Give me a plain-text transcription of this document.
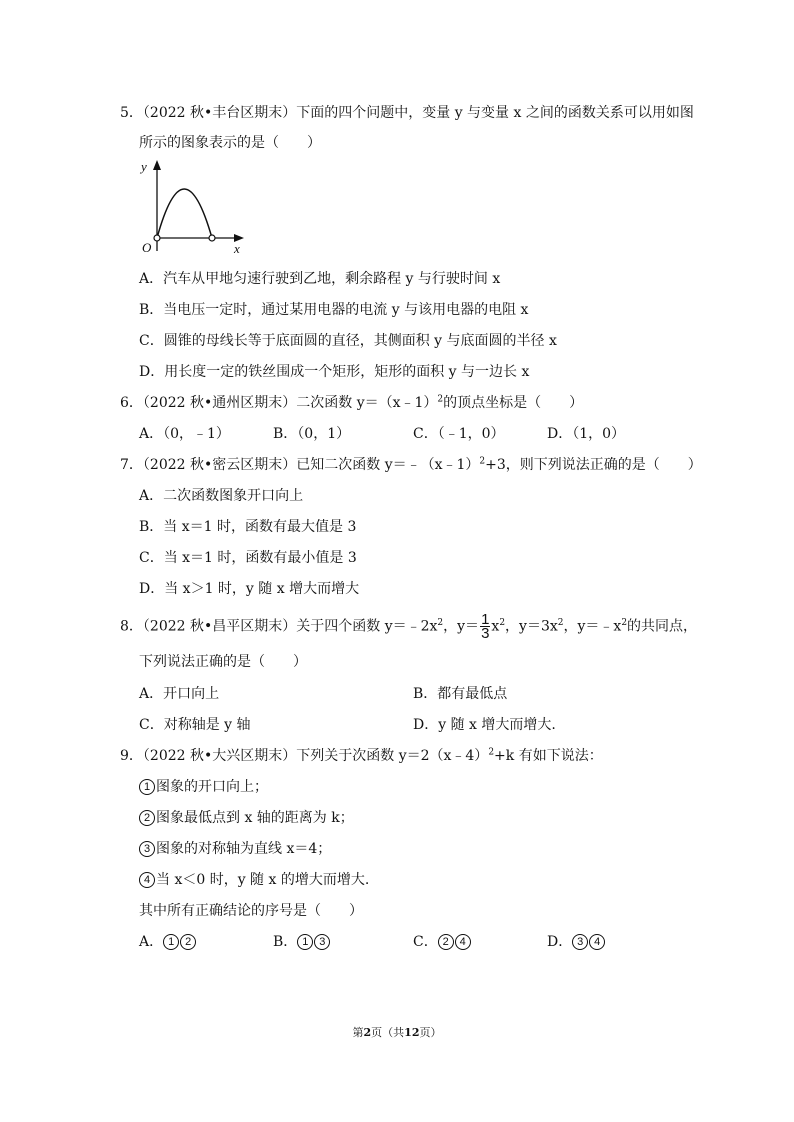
5．（2022 秋•丰台区期末）下面的四个问题中，变量 y 与变量 x 之间的函数关系可以用如图
所示的图象表示的是（　　）
y
O	x
A．汽车从甲地匀速行驶到乙地，剩余路程 y 与行驶时间 x
B．当电压一定时，通过某用电器的电流 y 与该用电器的电阻 x
C．圆锥的母线长等于底面圆的直径，其侧面积 y 与底面圆的半径 x
D．用长度一定的铁丝围成一个矩形，矩形的面积 y 与一边长 x
6．（2022 秋•通州区期末）二次函数 y＝（x﹣1）$^2$的顶点坐标是（　　）
A．（0，﹣1）	B．（0，1）	C．（﹣1，0）	D．（1，0）
7．（2022 秋•密云区期末）已知二次函数 y＝﹣（x﹣1）$^2$+3，则下列说法正确的是（　　）
A．二次函数图象开口向上
B．当 x＝1 时，函数有最大值是 3
C．当 x＝1 时，函数有最小值是 3
D．当 x＞1 时，y 随 x 增大而增大
8．（2022 秋•昌平区期末）关于四个函数 $y=﹣2x^2$，$y= \frac{1}{3} x^2$，$y=3x^2$，$y=﹣x^2$的共同点，
下列说法正确的是（　　）
A．开口向上	B．都有最低点
C．对称轴是 y 轴	D．y 随 x 增大而增大.
9．（2022 秋•大兴区期末）下列关于次函数 y＝2（x﹣4）$^2$+k 有如下说法：
1 图象的开口向上；
2 图象最低点到 x 轴的距离为 k；
3 图象的对称轴为直线 x＝4；
4 当 x＜0 时，y 随 x 的增大而增大.
其中所有正确结论的序号是（　　）
A． 1 2	B． 1 3	C． 2 4	D． 3 4
第2页（共12页）
